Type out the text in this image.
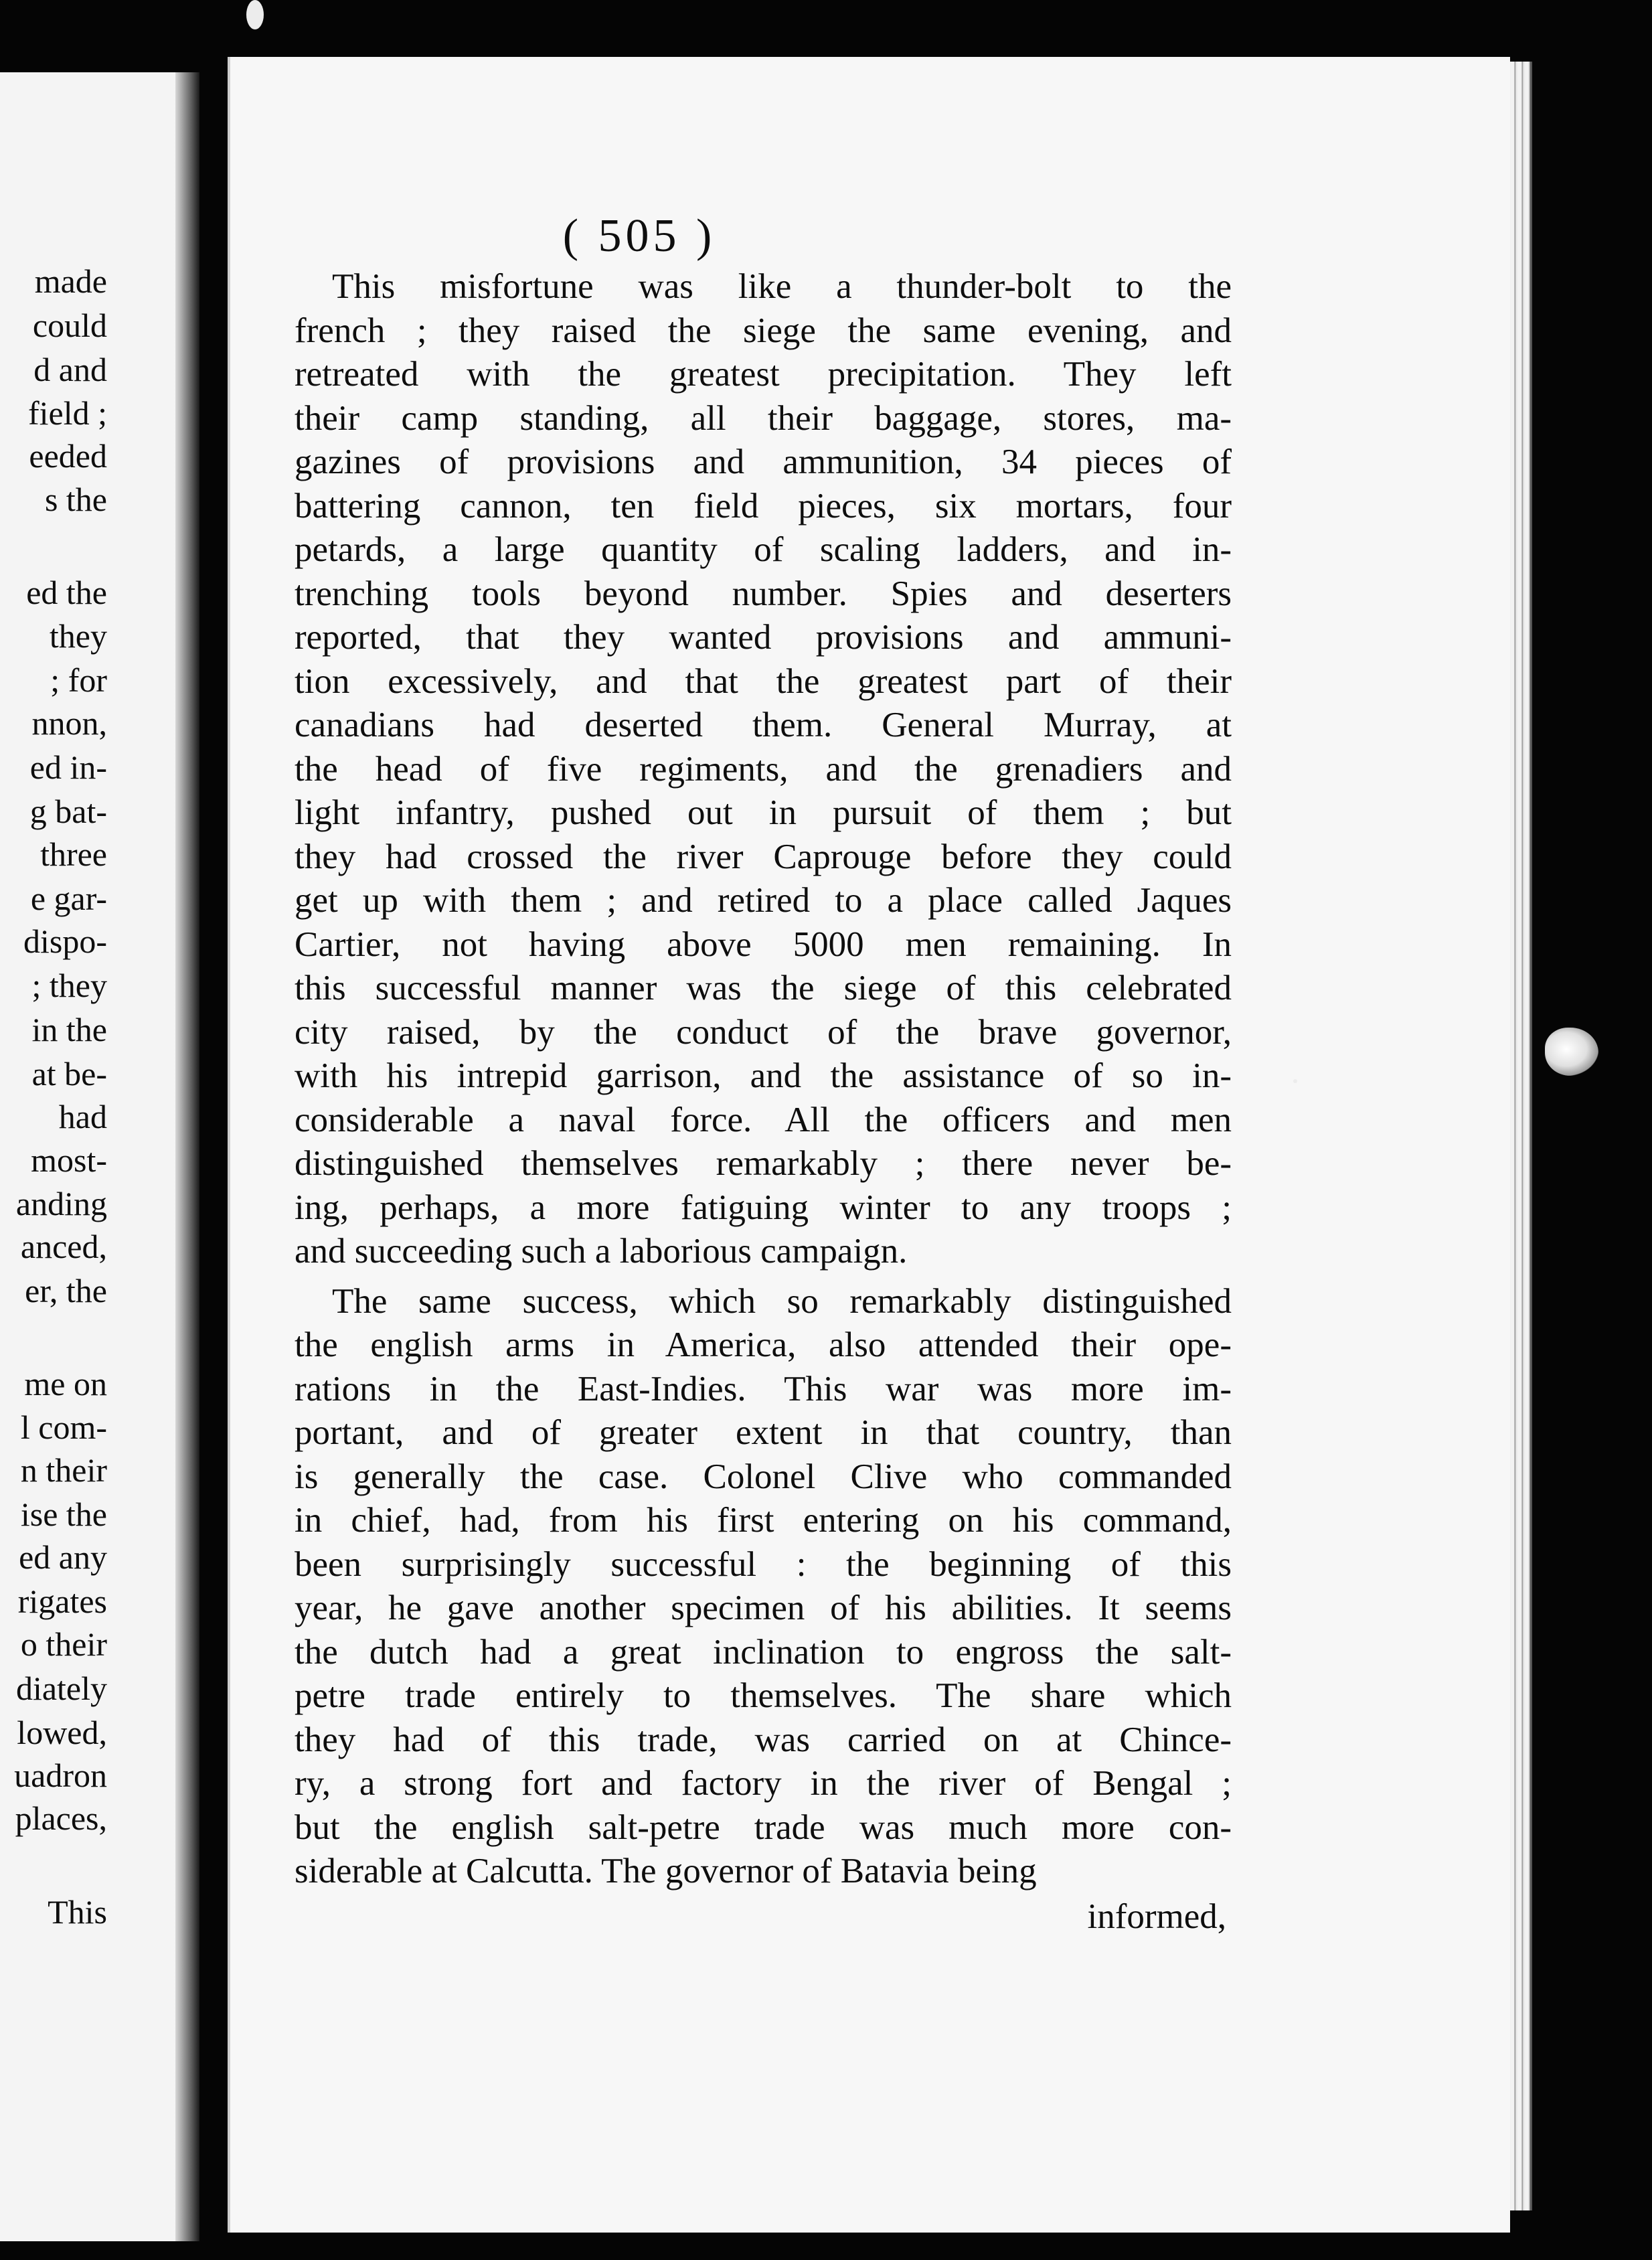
made
could
d and
field ;
eeded
s the
ed the
they
; for
nnon,
ed in-
g bat-
three
e gar-
dispo-
; they
in the
at be-
had
most-
anding
anced,
er, the
me on
l com-
n their
ise the
ed any
rigates
o their
diately
lowed,
uadron
places,
This
( 505 )
This misfortune was like a thunder-bolt to the
french ; they raised the siege the same evening, and
retreated with the greatest precipitation. They left
their camp standing, all their baggage, stores, ma-
gazines of provisions and ammunition, 34 pieces of
battering cannon, ten field pieces, six mortars, four
petards, a large quantity of scaling ladders, and in-
trenching tools beyond number. Spies and deserters
reported, that they wanted provisions and ammuni-
tion excessively, and that the greatest part of their
canadians had deserted them. General Murray, at
the head of five regiments, and the grenadiers and
light infantry, pushed out in pursuit of them ; but
they had crossed the river Caprouge before they could
get up with them ; and retired to a place called Jaques
Cartier, not having above 5000 men remaining. In
this successful manner was the siege of this celebrated
city raised, by the conduct of the brave governor,
with his intrepid garrison, and the assistance of so in-
considerable a naval force. All the officers and men
distinguished themselves remarkably ; there never be-
ing, perhaps, a more fatiguing winter to any troops ;
and succeeding such a laborious campaign.
The same success, which so remarkably distinguished
the english arms in America, also attended their ope-
rations in the East-Indies. This war was more im-
portant, and of greater extent in that country, than
is generally the case. Colonel Clive who commanded
in chief, had, from his first entering on his command,
been surprisingly successful : the beginning of this
year, he gave another specimen of his abilities. It seems
the dutch had a great inclination to engross the salt-
petre trade entirely to themselves. The share which
they had of this trade, was carried on at Chince-
ry, a strong fort and factory in the river of Bengal ;
but the english salt-petre trade was much more con-
siderable at Calcutta. The governor of Batavia being
informed,
